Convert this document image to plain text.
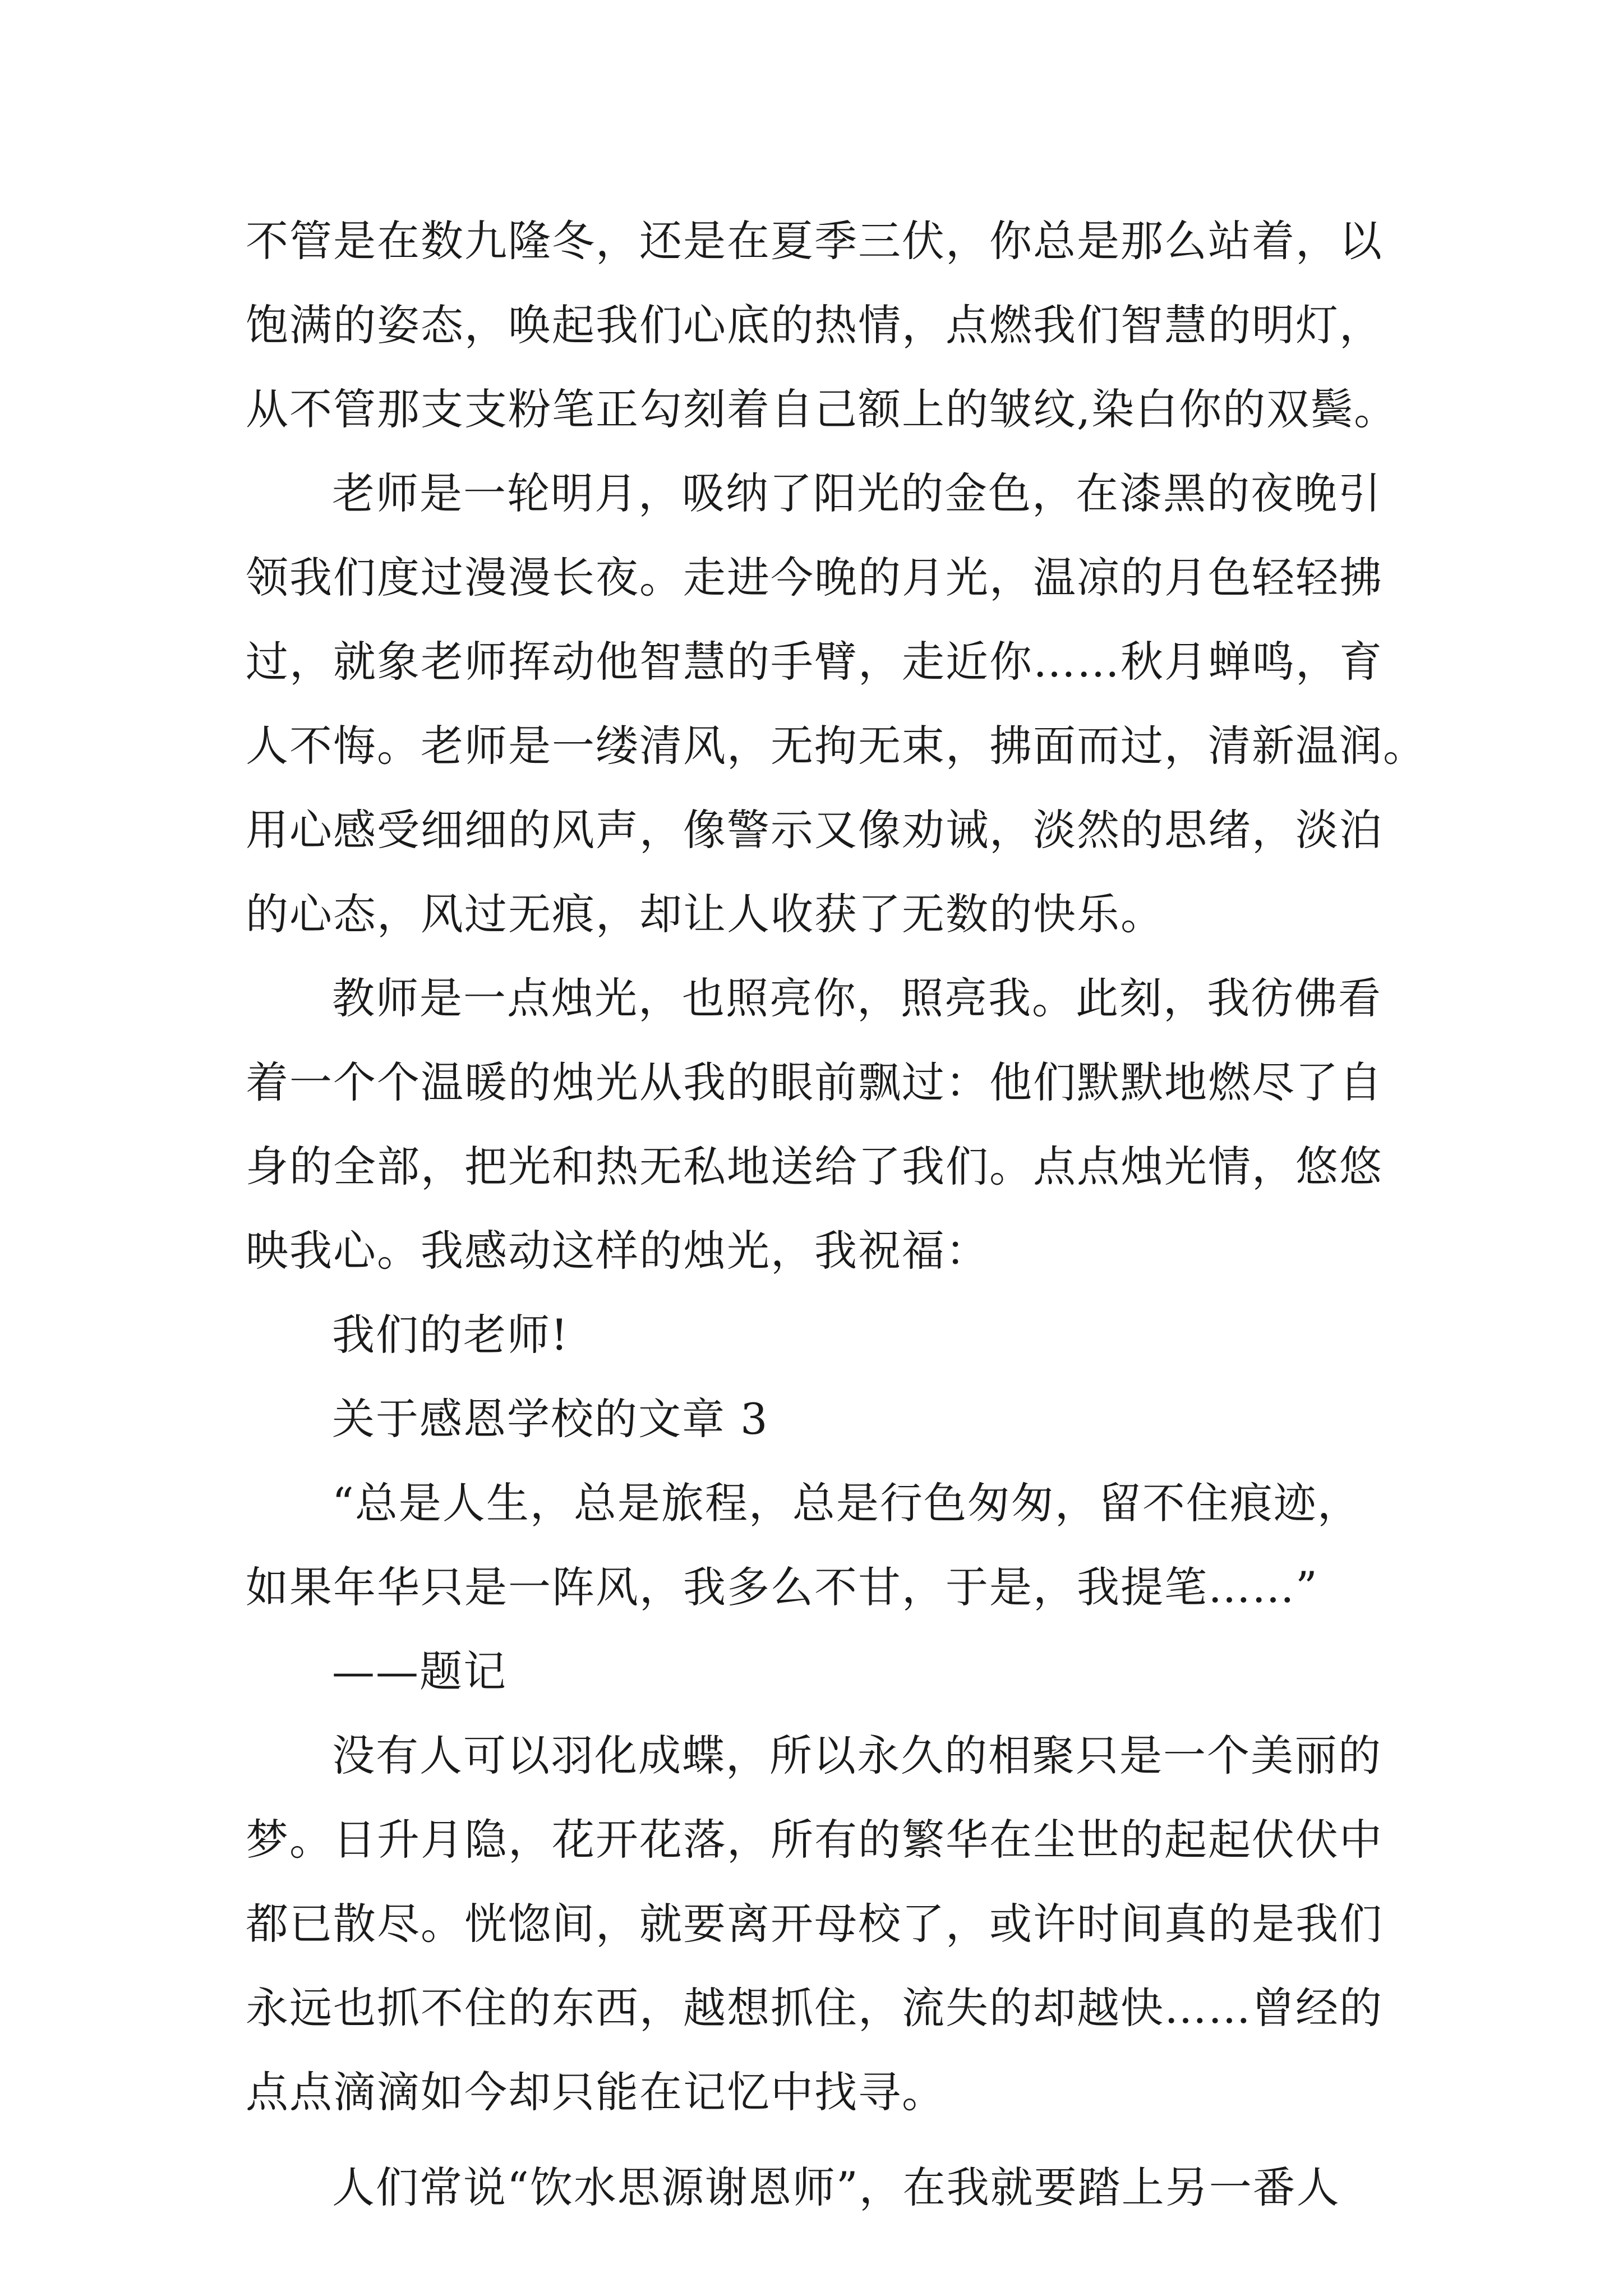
不管是在数九隆冬，还是在夏季三伏，你总是那么站着，以
饱满的姿态，唤起我们心底的热情，点燃我们智慧的明灯，
从不管那支支粉笔正勾刻着自己额上的皱纹,染白你的双鬓。
老师是一轮明月，吸纳了阳光的金色，在漆黑的夜晚引
领我们度过漫漫长夜。走进今晚的月光，温凉的月色轻轻拂
过，就象老师挥动他智慧的手臂，走近你……秋月蝉鸣，育
人不悔。老师是一缕清风，无拘无束，拂面而过，清新温润。
用心感受细细的风声，像警示又像劝诫，淡然的思绪，淡泊
的心态，风过无痕，却让人收获了无数的快乐。
教师是一点烛光，也照亮你，照亮我。此刻，我彷佛看
着一个个温暖的烛光从我的眼前飘过：他们默默地燃尽了自
身的全部，把光和热无私地送给了我们。点点烛光情，悠悠
映我心。我感动这样的烛光，我祝福：
我们的老师!
关于感恩学校的文章 3
“总是人生，总是旅程，总是行色匆匆，留不住痕迹，
如果年华只是一阵风，我多么不甘，于是，我提笔……”
——题记
没有人可以羽化成蝶，所以永久的相聚只是一个美丽的
梦。日升月隐，花开花落，所有的繁华在尘世的起起伏伏中
都已散尽。恍惚间，就要离开母校了，或许时间真的是我们
永远也抓不住的东西，越想抓住，流失的却越快……曾经的
点点滴滴如今却只能在记忆中找寻。
人们常说“饮水思源谢恩师”，在我就要踏上另一番人
